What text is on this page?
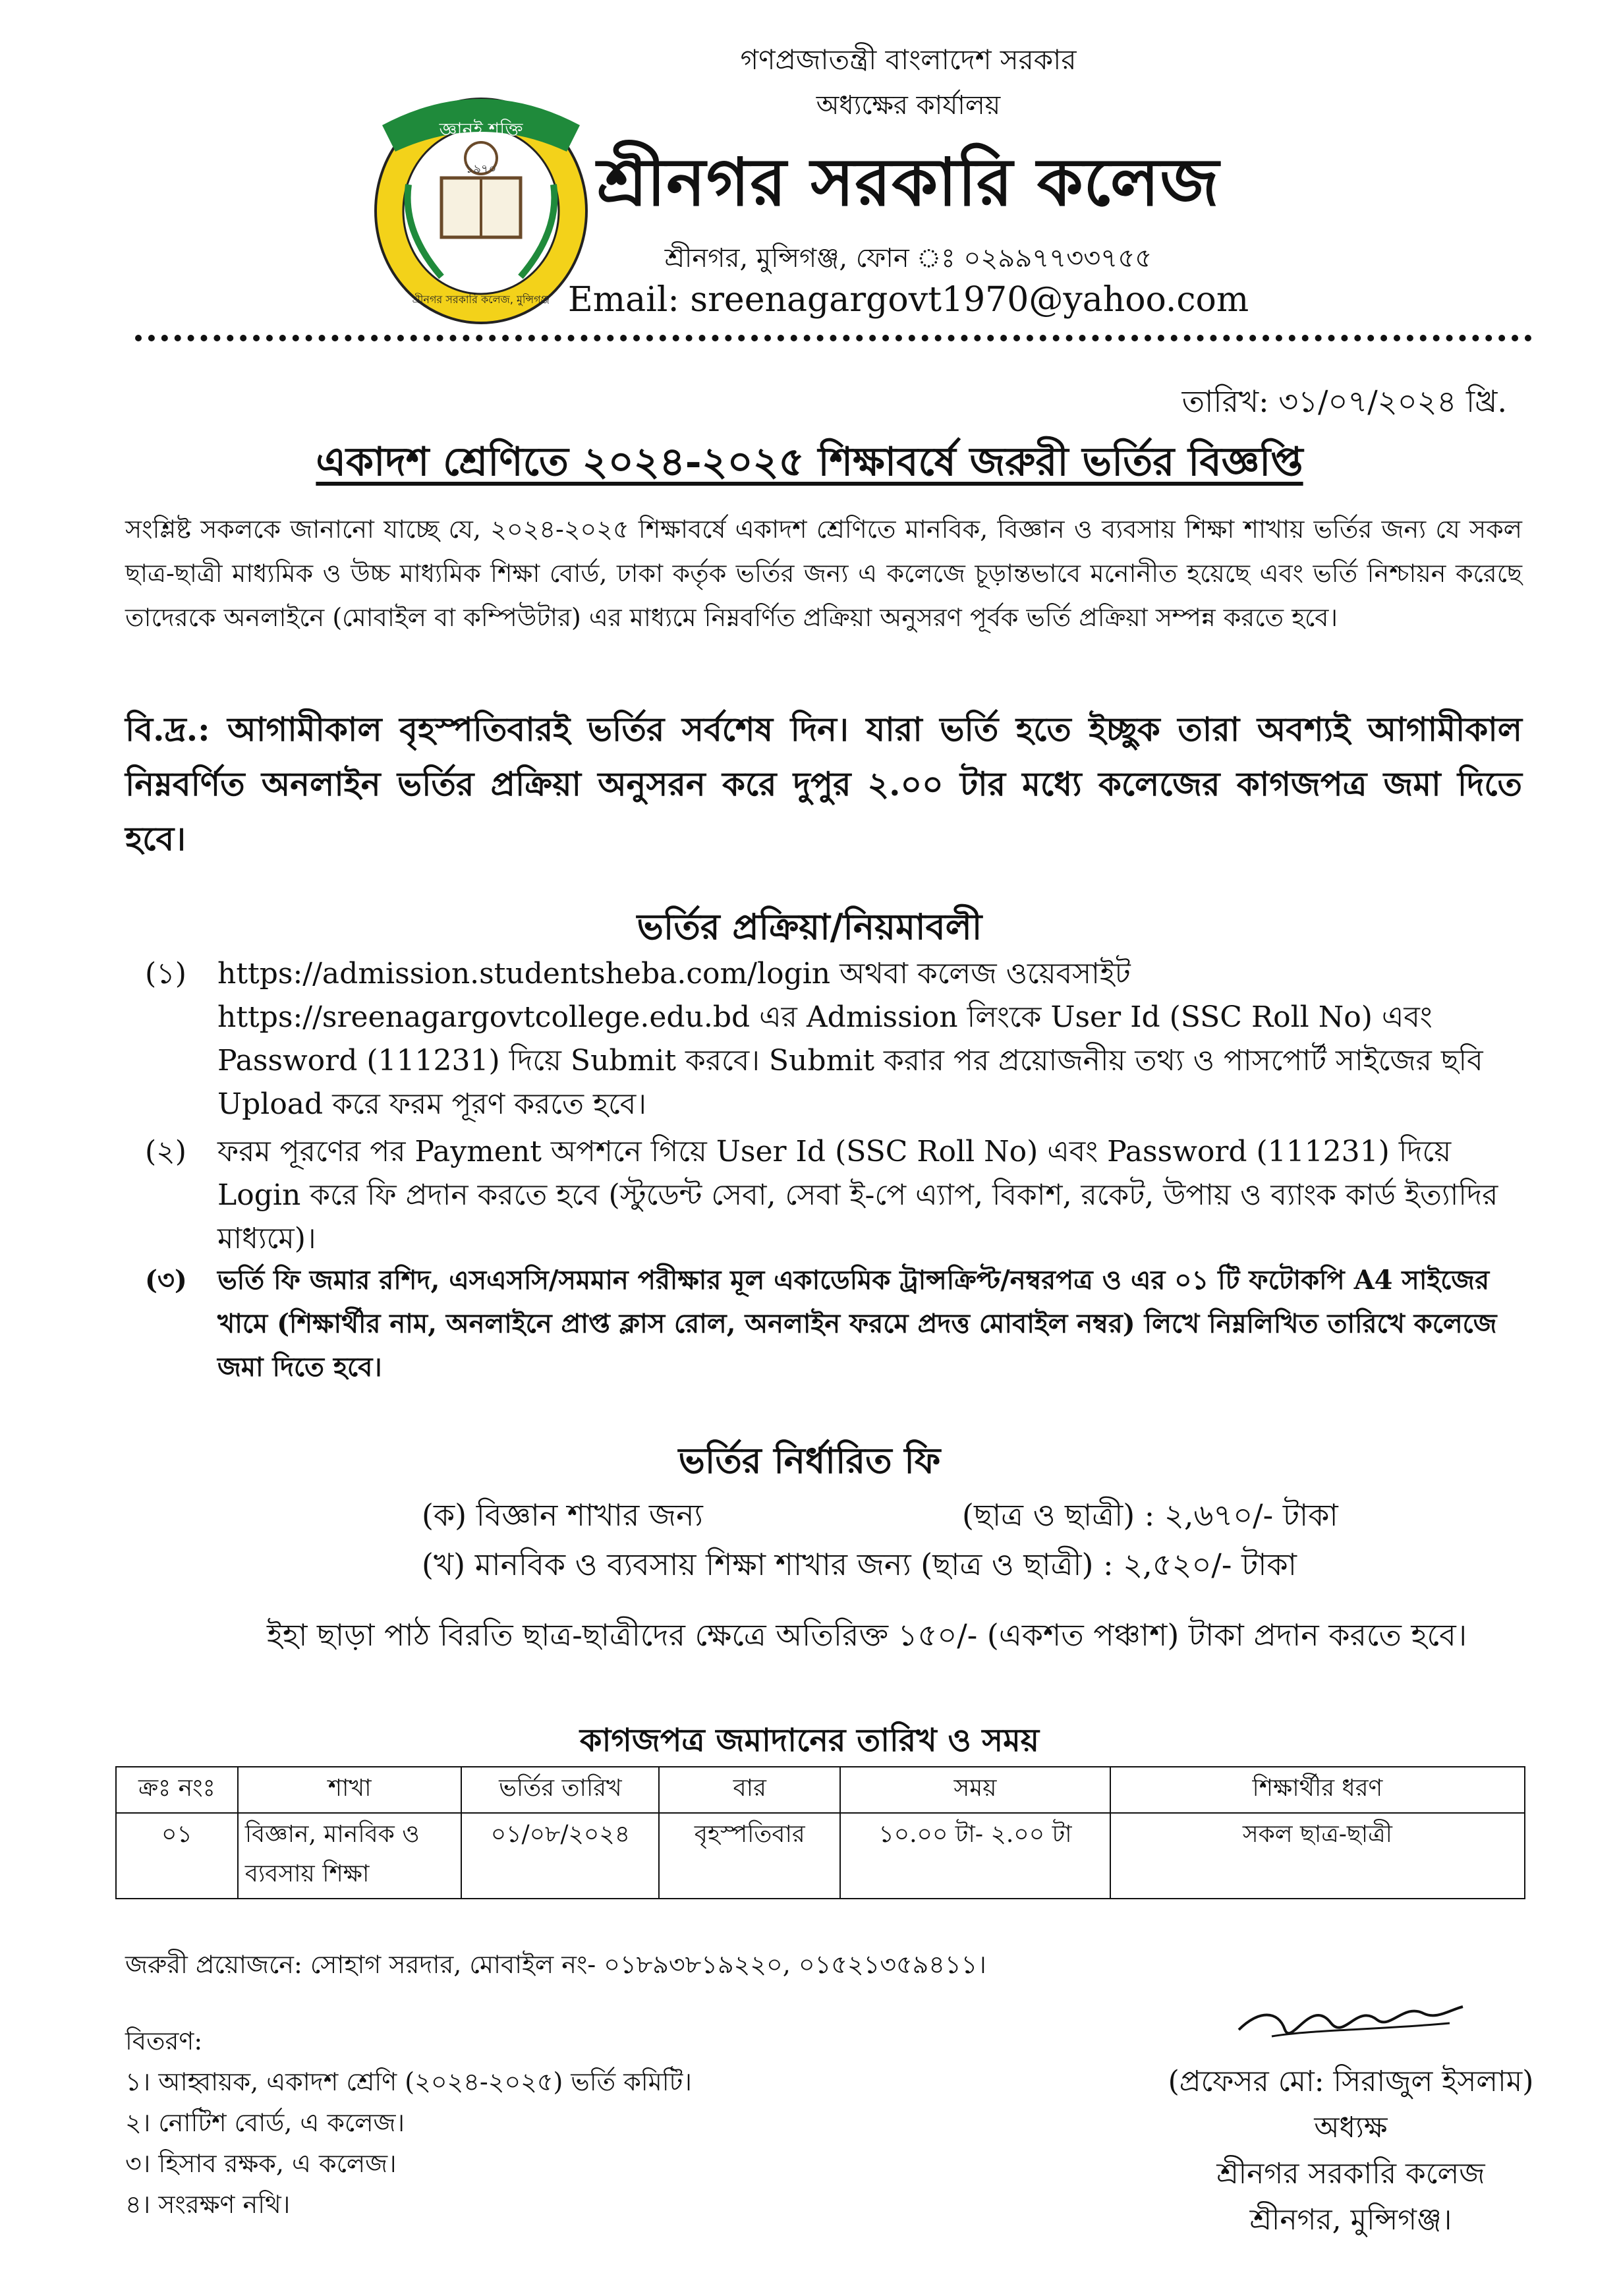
জ্ঞানই শক্তি
১৯৭০
শ্রীনগর সরকারি কলেজ, মুন্সিগঞ্জ
গণপ্রজাতন্ত্রী বাংলাদেশ সরকার
অধ্যক্ষের কার্যালয়
শ্রীনগর সরকারি কলেজ
শ্রীনগর, মুন্সিগঞ্জ, ফোন ঃ ০২৯৯৭৭৩৩৭৫৫
Email: sreenagargovt1970@yahoo.com
তারিখ: ৩১/০৭/২০২৪ খ্রি.
একাদশ শ্রেণিতে ২০২৪-২০২৫ শিক্ষাবর্ষে জরুরী ভর্তির বিজ্ঞপ্তি
সংশ্লিষ্ট সকলকে জানানো যাচ্ছে যে, ২০২৪-২০২৫ শিক্ষাবর্ষে একাদশ শ্রেণিতে মানবিক, বিজ্ঞান ও ব্যবসায় শিক্ষা শাখায় ভর্তির জন্য যে সকল ছাত্র-ছাত্রী মাধ্যমিক ও উচ্চ মাধ্যমিক শিক্ষা বোর্ড, ঢাকা কর্তৃক ভর্তির জন্য এ কলেজে চূড়ান্তভাবে মনোনীত হয়েছে এবং ভর্তি নিশ্চায়ন করেছে তাদেরকে অনলাইনে (মোবাইল বা কম্পিউটার) এর মাধ্যমে নিম্নবর্ণিত প্রক্রিয়া অনুসরণ পূর্বক ভর্তি প্রক্রিয়া সম্পন্ন করতে হবে।
বি.দ্র.: আগামীকাল বৃহস্পতিবারই ভর্তির সর্বশেষ দিন। যারা ভর্তি হতে ইচ্ছুক তারা অবশ্যই আগামীকাল নিম্নবর্ণিত অনলাইন ভর্তির প্রক্রিয়া অনুসরন করে দুপুর ২.০০ টার মধ্যে কলেজের কাগজপত্র জমা দিতে হবে।
ভর্তির প্রক্রিয়া/নিয়মাবলী
(১) https://admission.studentsheba.com/login অথবা কলেজ ওয়েবসাইট https://sreenagargovtcollege.edu.bd এর Admission লিংকে User Id (SSC Roll No) এবং Password (111231) দিয়ে Submit করবে। Submit করার পর প্রয়োজনীয় তথ্য ও পাসপোর্ট সাইজের ছবি Upload করে ফরম পূরণ করতে হবে।
(২) ফরম পূরণের পর Payment অপশনে গিয়ে User Id (SSC Roll No) এবং Password (111231) দিয়ে Login করে ফি প্রদান করতে হবে (স্টুডেন্ট সেবা, সেবা ই-পে এ্যাপ, বিকাশ, রকেট, উপায় ও ব্যাংক কার্ড ইত্যাদির মাধ্যমে)।
(৩) ভর্তি ফি জমার রশিদ, এসএসসি/সমমান পরীক্ষার মূল একাডেমিক ট্রান্সক্রিপ্ট/নম্বরপত্র ও এর ০১ টি ফটোকপি A4 সাইজের খামে (শিক্ষার্থীর নাম, অনলাইনে প্রাপ্ত ক্লাস রোল, অনলাইন ফরমে প্রদত্ত মোবাইল নম্বর) লিখে নিম্নলিখিত তারিখে কলেজে জমা দিতে হবে।
ভর্তির নির্ধারিত ফি
(ক) বিজ্ঞান শাখার জন্য	(ছাত্র ও ছাত্রী) : ২,৬৭০/- টাকা
(খ) মানবিক ও ব্যবসায় শিক্ষা শাখার জন্য (ছাত্র ও ছাত্রী) : ২,৫২০/- টাকা
ইহা ছাড়া পাঠ বিরতি ছাত্র-ছাত্রীদের ক্ষেত্রে অতিরিক্ত ১৫০/- (একশত পঞ্চাশ) টাকা প্রদান করতে হবে।
কাগজপত্র জমাদানের তারিখ ও সময়
ক্রঃ নংঃ	শাখা	ভর্তির তারিখ	বার	সময়	শিক্ষার্থীর ধরণ
০১	বিজ্ঞান, মানবিক ও ব্যবসায় শিক্ষা	০১/০৮/২০২৪	বৃহস্পতিবার	১০.০০ টা- ২.০০ টা	সকল ছাত্র-ছাত্রী
জরুরী প্রয়োজনে: সোহাগ সরদার, মোবাইল নং- ০১৮৯৩৮১৯২২০, ০১৫২১৩৫৯৪১১।
বিতরণ:
১। আহ্বায়ক, একাদশ শ্রেণি (২০২৪-২০২৫) ভর্তি কমিটি।
২। নোটিশ বোর্ড, এ কলেজ।
৩। হিসাব রক্ষক, এ কলেজ।
৪। সংরক্ষণ নথি।
(প্রফেসর মো: সিরাজুল ইসলাম)
অধ্যক্ষ
শ্রীনগর সরকারি কলেজ
শ্রীনগর, মুন্সিগঞ্জ।
